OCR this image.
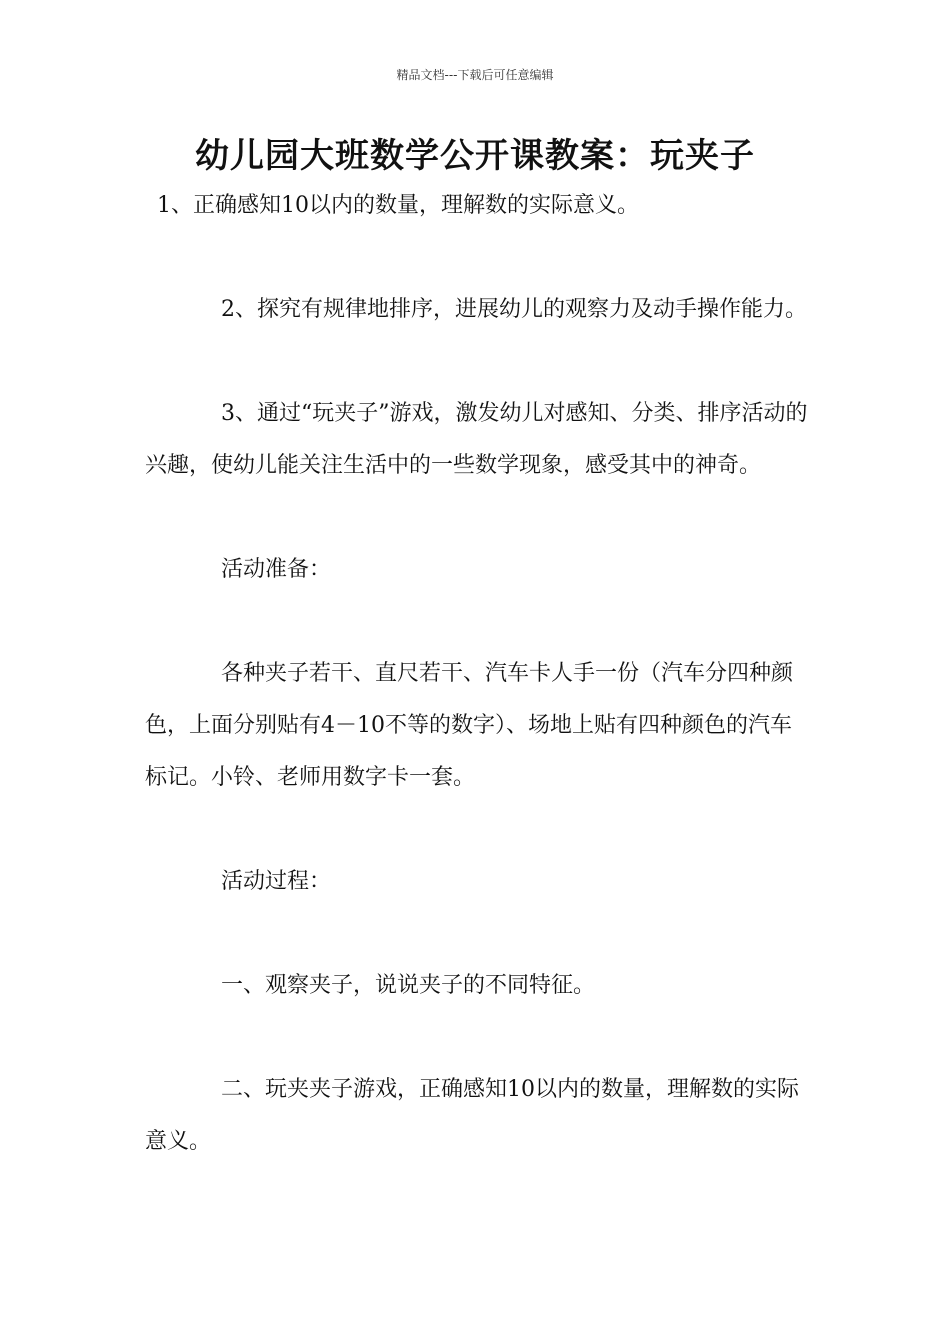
精品文档---下载后可任意编辑
幼儿园大班数学公开课教案：玩夹子

1、正确感知10以内的数量，理解数的实际意义。

2、探究有规律地排序，进展幼儿的观察力及动手操作能力。

3、通过“玩夹子”游戏，激发幼儿对感知、分类、排序活动的兴趣，使幼儿能关注生活中的一些数学现象，感受其中的神奇。

活动准备：

各种夹子若干、直尺若干、汽车卡人手一份（汽车分四种颜色，上面分别贴有4－10不等的数字）、场地上贴有四种颜色的汽车标记。小铃、老师用数字卡一套。

活动过程：

一、观察夹子，说说夹子的不同特征。

二、玩夹夹子游戏，正确感知10以内的数量，理解数的实际意义。
